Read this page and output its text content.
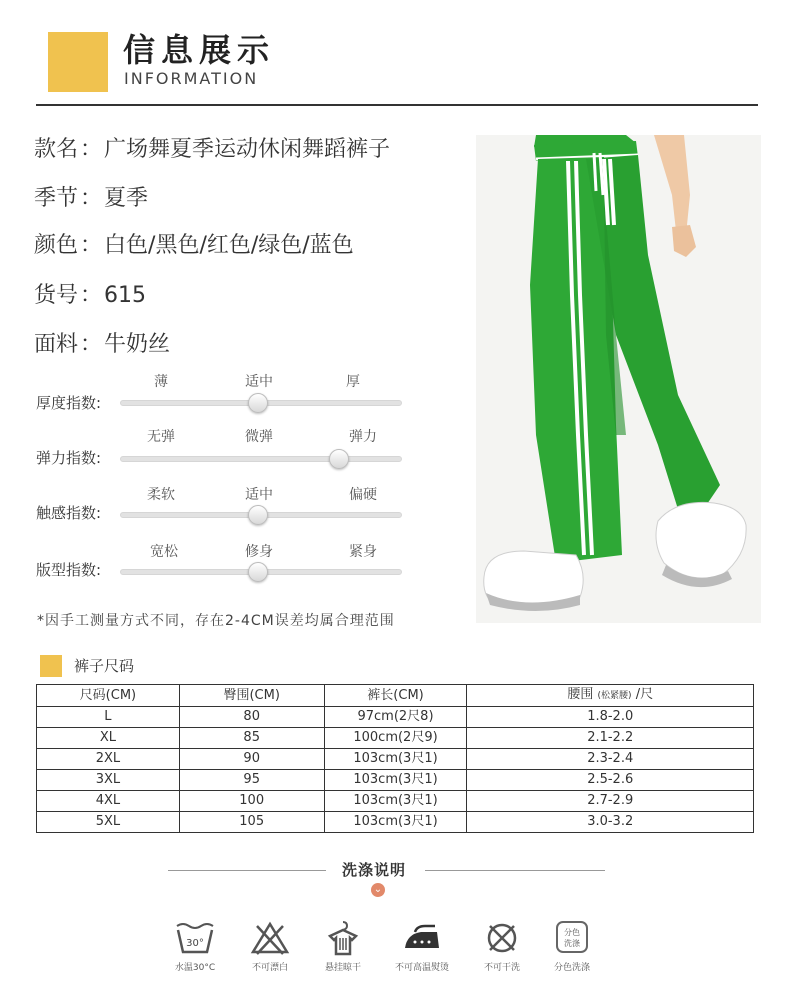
信息展示
INFORMATION
款名：广场舞夏季运动休闲舞蹈裤子
季节：夏季
颜色：白色/黑色/红色/绿色/蓝色
货号：615
面料：牛奶丝
薄	适中	厚
厚度指数:
无弹	微弹	弹力
弹力指数:
柔软	适中	偏硬
触感指数:
宽松	修身	紧身
版型指数:
*因手工测量方式不同，存在2-4CM误差均属合理范围
裤子尺码
尺码(CM)	臀围(CM)	裤长(CM)	腰围 (松紧腰) /尺
L	80	97cm(2尺8)	1.8-2.0
XL	85	100cm(2尺9)	2.1-2.2
2XL	90	103cm(3尺1)	2.3-2.4
3XL	95	103cm(3尺1)	2.5-2.6
4XL	100	103cm(3尺1)	2.7-2.9
5XL	105	103cm(3尺1)	3.0-3.2
洗涤说明
⌄
30°
水温30°C	不可漂白	悬挂晾干	不可高温熨烫	不可干洗
分色
洗涤
分色洗涤
